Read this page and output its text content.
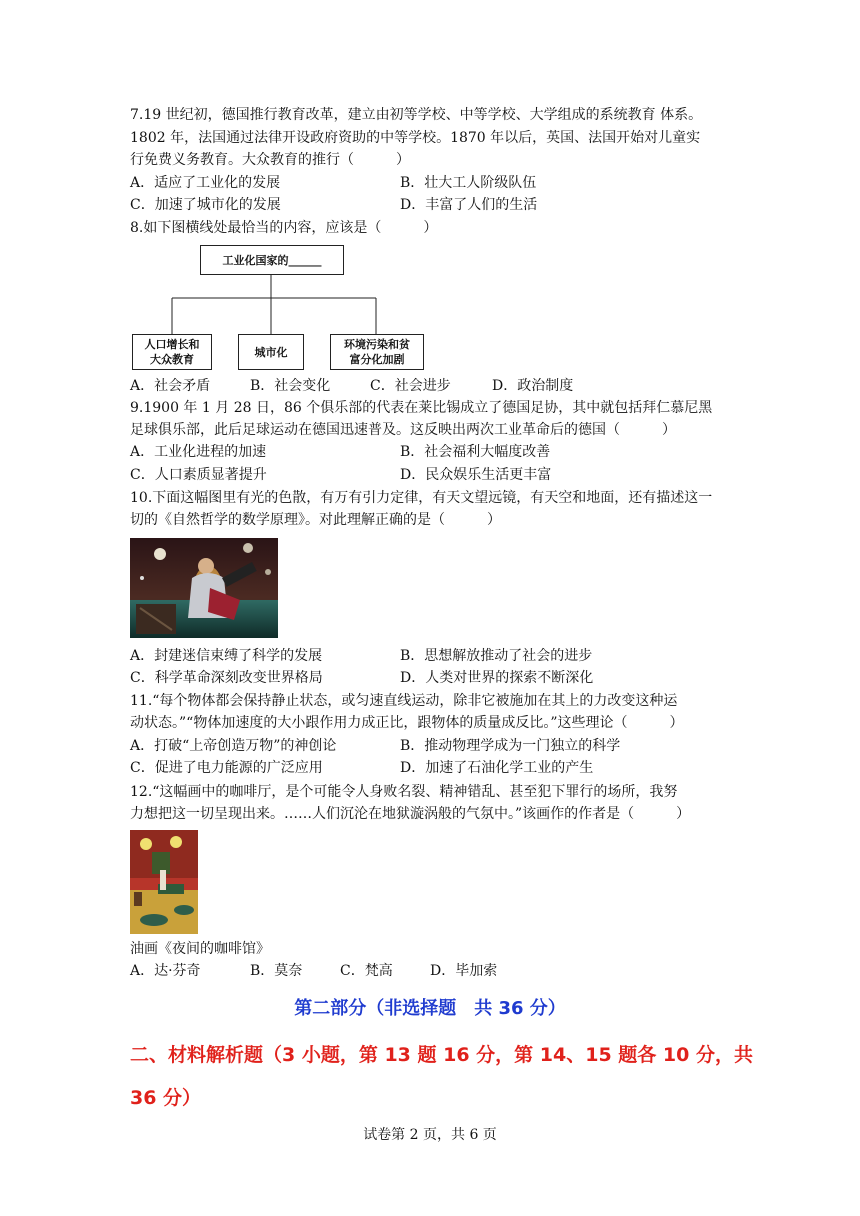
7.19 世纪初，德国推行教育改革，建立由初等学校、中等学校、大学组成的系统教育 体系。
1802 年，法国通过法律开设政府资助的中等学校。1870 年以后，英国、法国开始对儿童实
行免费义务教育。大众教育的推行（　　　）
A．适应了工业化的发展	B．壮大工人阶级队伍
C．加速了城市化的发展	D．丰富了人们的生活
8.如下图横线处最恰当的内容，应该是（　　　）
工业化国家的______
人口增长和
大众教育
城市化
环境污染和贫
富分化加剧
A．社会矛盾	B．社会变化	C．社会进步	D．政治制度
9.1900 年 1 月 28 日，86 个俱乐部的代表在莱比锡成立了德国足协，其中就包括拜仁慕尼黑
足球俱乐部，此后足球运动在德国迅速普及。这反映出两次工业革命后的德国（　　　）
A．工业化进程的加速	B．社会福利大幅度改善
C．人口素质显著提升	D．民众娱乐生活更丰富
10.下面这幅图里有光的色散，有万有引力定律，有天文望远镜，有天空和地面，还有描述这一
切的《自然哲学的数学原理》。对此理解正确的是（　　　）
A．封建迷信束缚了科学的发展	B．思想解放推动了社会的进步
C．科学革命深刻改变世界格局	D．人类对世界的探索不断深化
11.“每个物体都会保持静止状态，或匀速直线运动，除非它被施加在其上的力改变这种运
动状态。”“物体加速度的大小跟作用力成正比，跟物体的质量成反比。”这些理论（　　　）
A．打破“上帝创造万物”的神创论	B．推动物理学成为一门独立的科学
C．促进了电力能源的广泛应用	D．加速了石油化学工业的产生
12.“这幅画中的咖啡厅，是个可能令人身败名裂、精神错乱、甚至犯下罪行的场所，我努
力想把这一切呈现出来。……人们沉沦在地狱漩涡般的气氛中。”该画作的作者是（　　　）
油画《夜间的咖啡馆》
A．达·芬奇	B．莫奈	C．梵高	D．毕加索
第二部分（非选择题　共 36 分）
二、材料解析题（3 小题，第 13 题 16 分，第 14、15 题各 10 分，共
36 分）
试卷第 2 页，共 6 页
